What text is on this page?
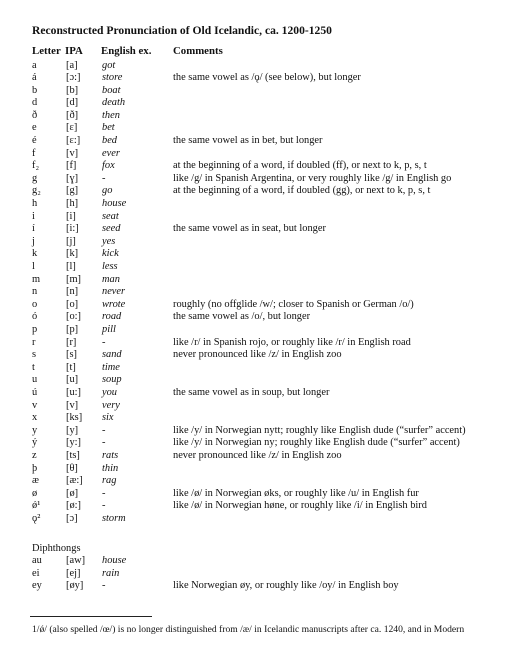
Reconstructed Pronunciation of Old Icelandic, ca. 1200-1250
Letter IPA English ex. Comments
a	[a] got
á	[ɔ:] store	the same vowel as /ǫ/ (see below), but longer
b	[b] boat
d	[d] death
ð	[ð] then
e	[ɛ] bet
é	[ɛ:] bed	the same vowel as in bet, but longer
f	[v] ever
f₂	[f] fox	at the beginning of a word, if doubled (ff), or next to k, p, s, t
g	[ɣ] -	like /g/ in Spanish Argentina, or very roughly like /g/ in English go
g₂ [g] go	at the beginning of a word, if doubled (gg), or next to k, p, s, t
h	[h] house
i	[i]	seat
í	[i:] seed	the same vowel as in seat, but longer
j	[j]	yes
k	[k] kick
l	[l]	less
m [m] man
n	[n] never
o	[o] wrote	roughly (no offglide /w/; closer to Spanish or German /o/)
ó	[o:] road	the same vowel as /o/, but longer
p	[p] pill
r	[r] -	like /r/ in Spanish rojo, or roughly like /r/ in English road
s	[s] sand	never pronounced like /z/ in English zoo
t	[t]	time
u	[u] soup
ú	[u:] you	the same vowel as in soup, but longer
v	[v] very
x	[ks] six
y	[y] -	like /y/ in Norwegian nytt; roughly like English dude (“surfer” accent)
ý	[y:] -	like /y/ in Norwegian ny; roughly like English dude (“surfer” accent)
z	[ts] rats	never pronounced like /z/ in English zoo
þ	[θ] thin
æ	[æ:] rag
ø	[ø] -	like /ø/ in Norwegian øks, or roughly like /u/ in English fur
ǿ¹ [ø:] -	like /ø/ in Norwegian høne, or roughly like /i/ in English bird
ǫ² [ɔ] storm
Diphthongs
au [aw] house
ei	[ej] rain
ey [øy] -	like Norwegian øy, or roughly like /oy/ in English boy
1/ǿ/ (also spelled /œ/) is no longer distinguished from /æ/ in Icelandic manuscripts after ca. 1240, and in Modern
